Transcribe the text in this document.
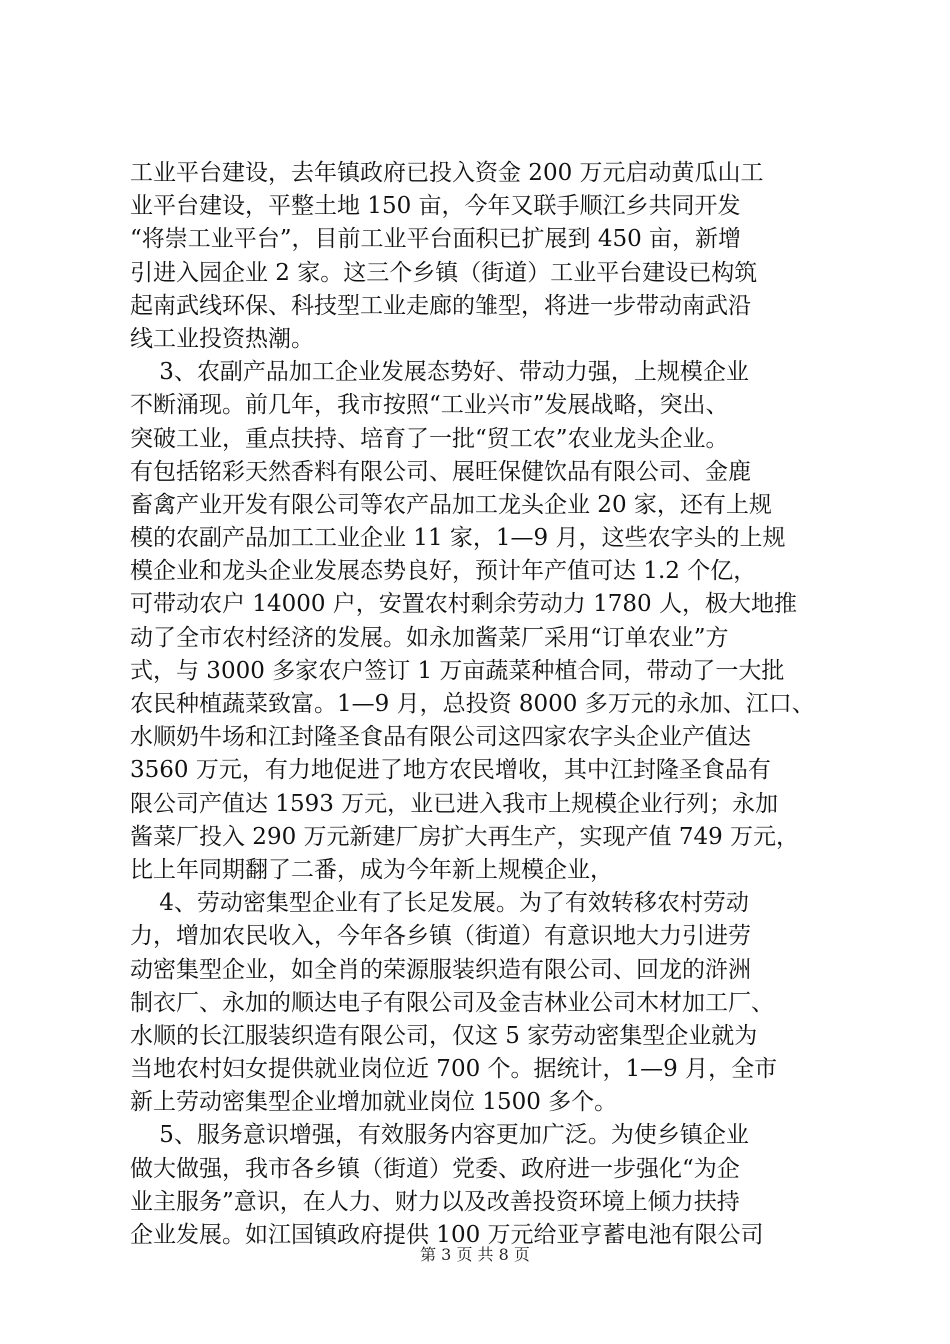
工业平台建设，去年镇政府已投入资金 200 万元启动黄瓜山工
业平台建设，平整土地 150 亩，今年又联手顺江乡共同开发
“将崇工业平台”，目前工业平台面积已扩展到 450 亩，新增
引进入园企业 2 家。这三个乡镇（街道）工业平台建设已构筑
起南武线环保、科技型工业走廊的雏型，将进一步带动南武沿
线工业投资热潮。
3、农副产品加工企业发展态势好、带动力强，上规模企业
不断涌现。前几年，我市按照“工业兴市”发展战略，突出、
突破工业，重点扶持、培育了一批“贸工农”农业龙头企业。
有包括铭彩天然香料有限公司、展旺保健饮品有限公司、金鹿
畜禽产业开发有限公司等农产品加工龙头企业 20 家，还有上规
模的农副产品加工工业企业 11 家，1—9 月，这些农字头的上规
模企业和龙头企业发展态势良好，预计年产值可达 1.2 个亿，
可带动农户 14000 户，安置农村剩余劳动力 1780 人，极大地推
动了全市农村经济的发展。如永加酱菜厂采用“订单农业”方
式，与 3000 多家农户签订 1 万亩蔬菜种植合同，带动了一大批
农民种植蔬菜致富。1—9 月，总投资 8000 多万元的永加、江口、
水顺奶牛场和江封隆圣食品有限公司这四家农字头企业产值达
3560 万元，有力地促进了地方农民增收，其中江封隆圣食品有
限公司产值达 1593 万元，业已进入我市上规模企业行列；永加
酱菜厂投入 290 万元新建厂房扩大再生产，实现产值 749 万元，
比上年同期翻了二番，成为今年新上规模企业，
4、劳动密集型企业有了长足发展。为了有效转移农村劳动
力，增加农民收入，今年各乡镇（街道）有意识地大力引进劳
动密集型企业，如全肖的荣源服装织造有限公司、回龙的浒洲
制衣厂、永加的顺达电子有限公司及金吉林业公司木材加工厂、
水顺的长江服装织造有限公司，仅这 5 家劳动密集型企业就为
当地农村妇女提供就业岗位近 700 个。据统计，1—9 月，全市
新上劳动密集型企业增加就业岗位 1500 多个。
5、服务意识增强，有效服务内容更加广泛。为使乡镇企业
做大做强，我市各乡镇（街道）党委、政府进一步强化“为企
业主服务”意识，在人力、财力以及改善投资环境上倾力扶持
企业发展。如江国镇政府提供 100 万元给亚亨蓄电池有限公司
第 3 页 共 8 页
